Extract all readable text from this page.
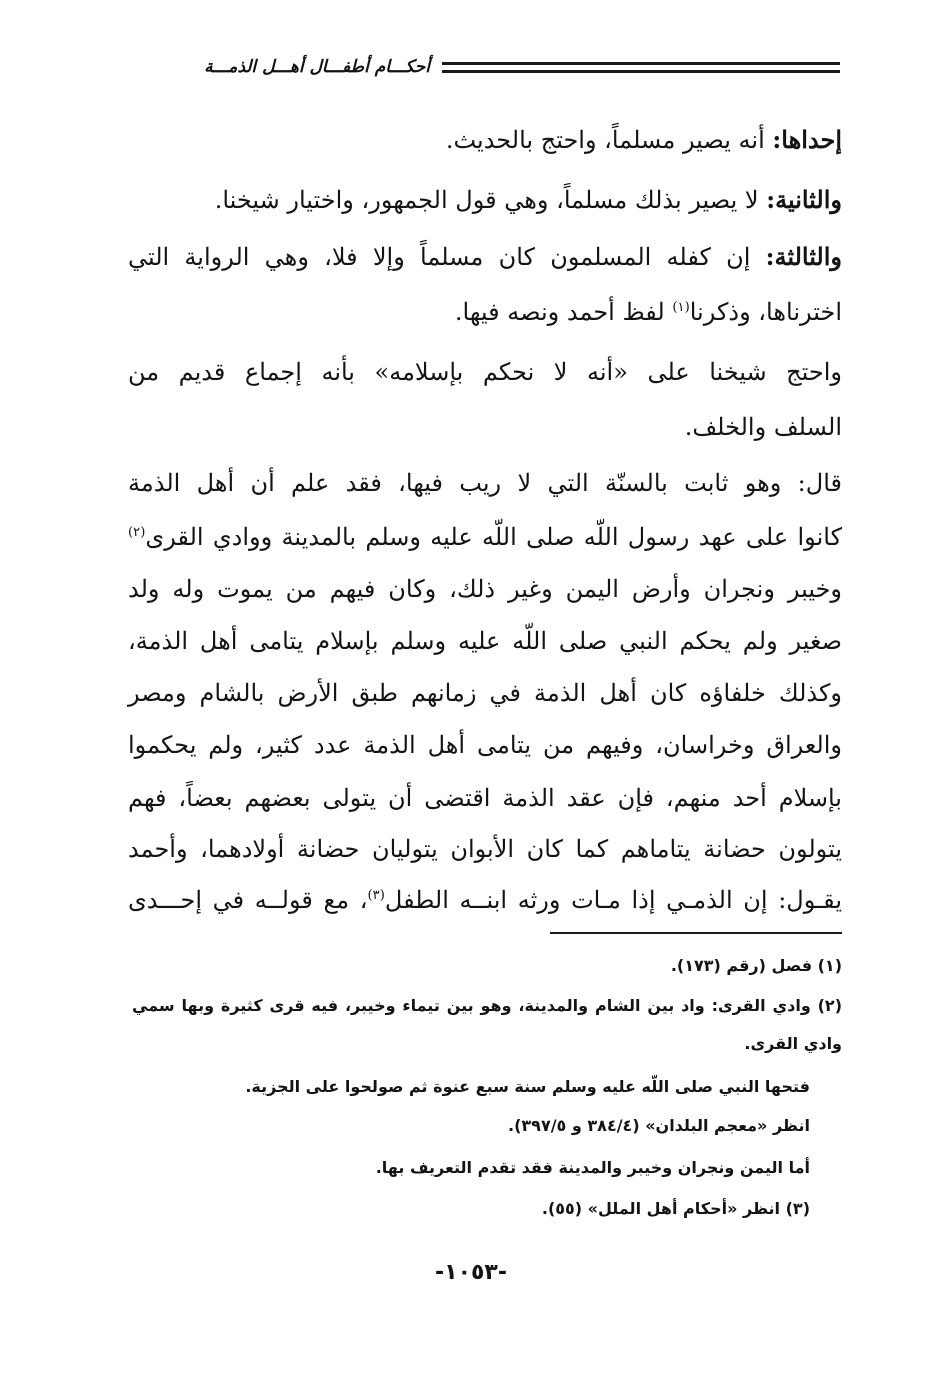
أحكـــام أطفـــال أهـــل الذمـــة
إحداها: أنه يصير مسلماً، واحتج بالحديث.
والثانية: لا يصير بذلك مسلماً، وهي قول الجمهور، واختيار شيخنا.
والثالثة: إن كفله المسلمون كان مسلماً وإلا فلا، وهي الرواية التي
اخترناها، وذكرنا$^{(١)}$ لفظ أحمد ونصه فيها.
واحتج شيخنا على «أنه لا نحكم بإسلامه» بأنه إجماع قديم من
السلف والخلف.
قال: وهو ثابت بالسنّة التي لا ريب فيها، فقد علم أن أهل الذمة
كانوا على عهد رسول اللّه صلى اللّه عليه وسلم بالمدينة ووادي القرى$^{(٢)}$
وخيبر ونجران وأرض اليمن وغير ذلك، وكان فيهم من يموت وله ولد
صغير ولم يحكم النبي صلى اللّه عليه وسلم بإسلام يتامى أهل الذمة،
وكذلك خلفاؤه كان أهل الذمة في زمانهم طبق الأرض بالشام ومصر
والعراق وخراسان، وفيهم من يتامى أهل الذمة عدد كثير، ولم يحكموا
بإسلام أحد منهم، فإن عقد الذمة اقتضى أن يتولى بعضهم بعضاً، فهم
يتولون حضانة يتاماهم كما كان الأبوان يتوليان حضانة أولادهما، وأحمد
يقـول: إن الذمـي إذا مـات ورثه ابنــه الطفل$^{(٣)}$، مع قولــه في إحـــدى
(١) فصل (رقم (١٧٣).
(٢) وادي القرى: واد بين الشام والمدينة، وهو بين تيماء وخيبر، فيه قرى كثيرة وبها سمي
وادي القرى.
فتحها النبي صلى اللّه عليه وسلم سنة سبع عنوة ثم صولحوا على الجزية.
انظر «معجم البلدان» (٣٨٤/٤ و ٣٩٧/٥).
أما اليمن ونجران وخيبر والمدينة فقد تقدم التعريف بها.
(٣) انظر «أحكام أهل الملل» (٥٥).
-١٠٥٣-
